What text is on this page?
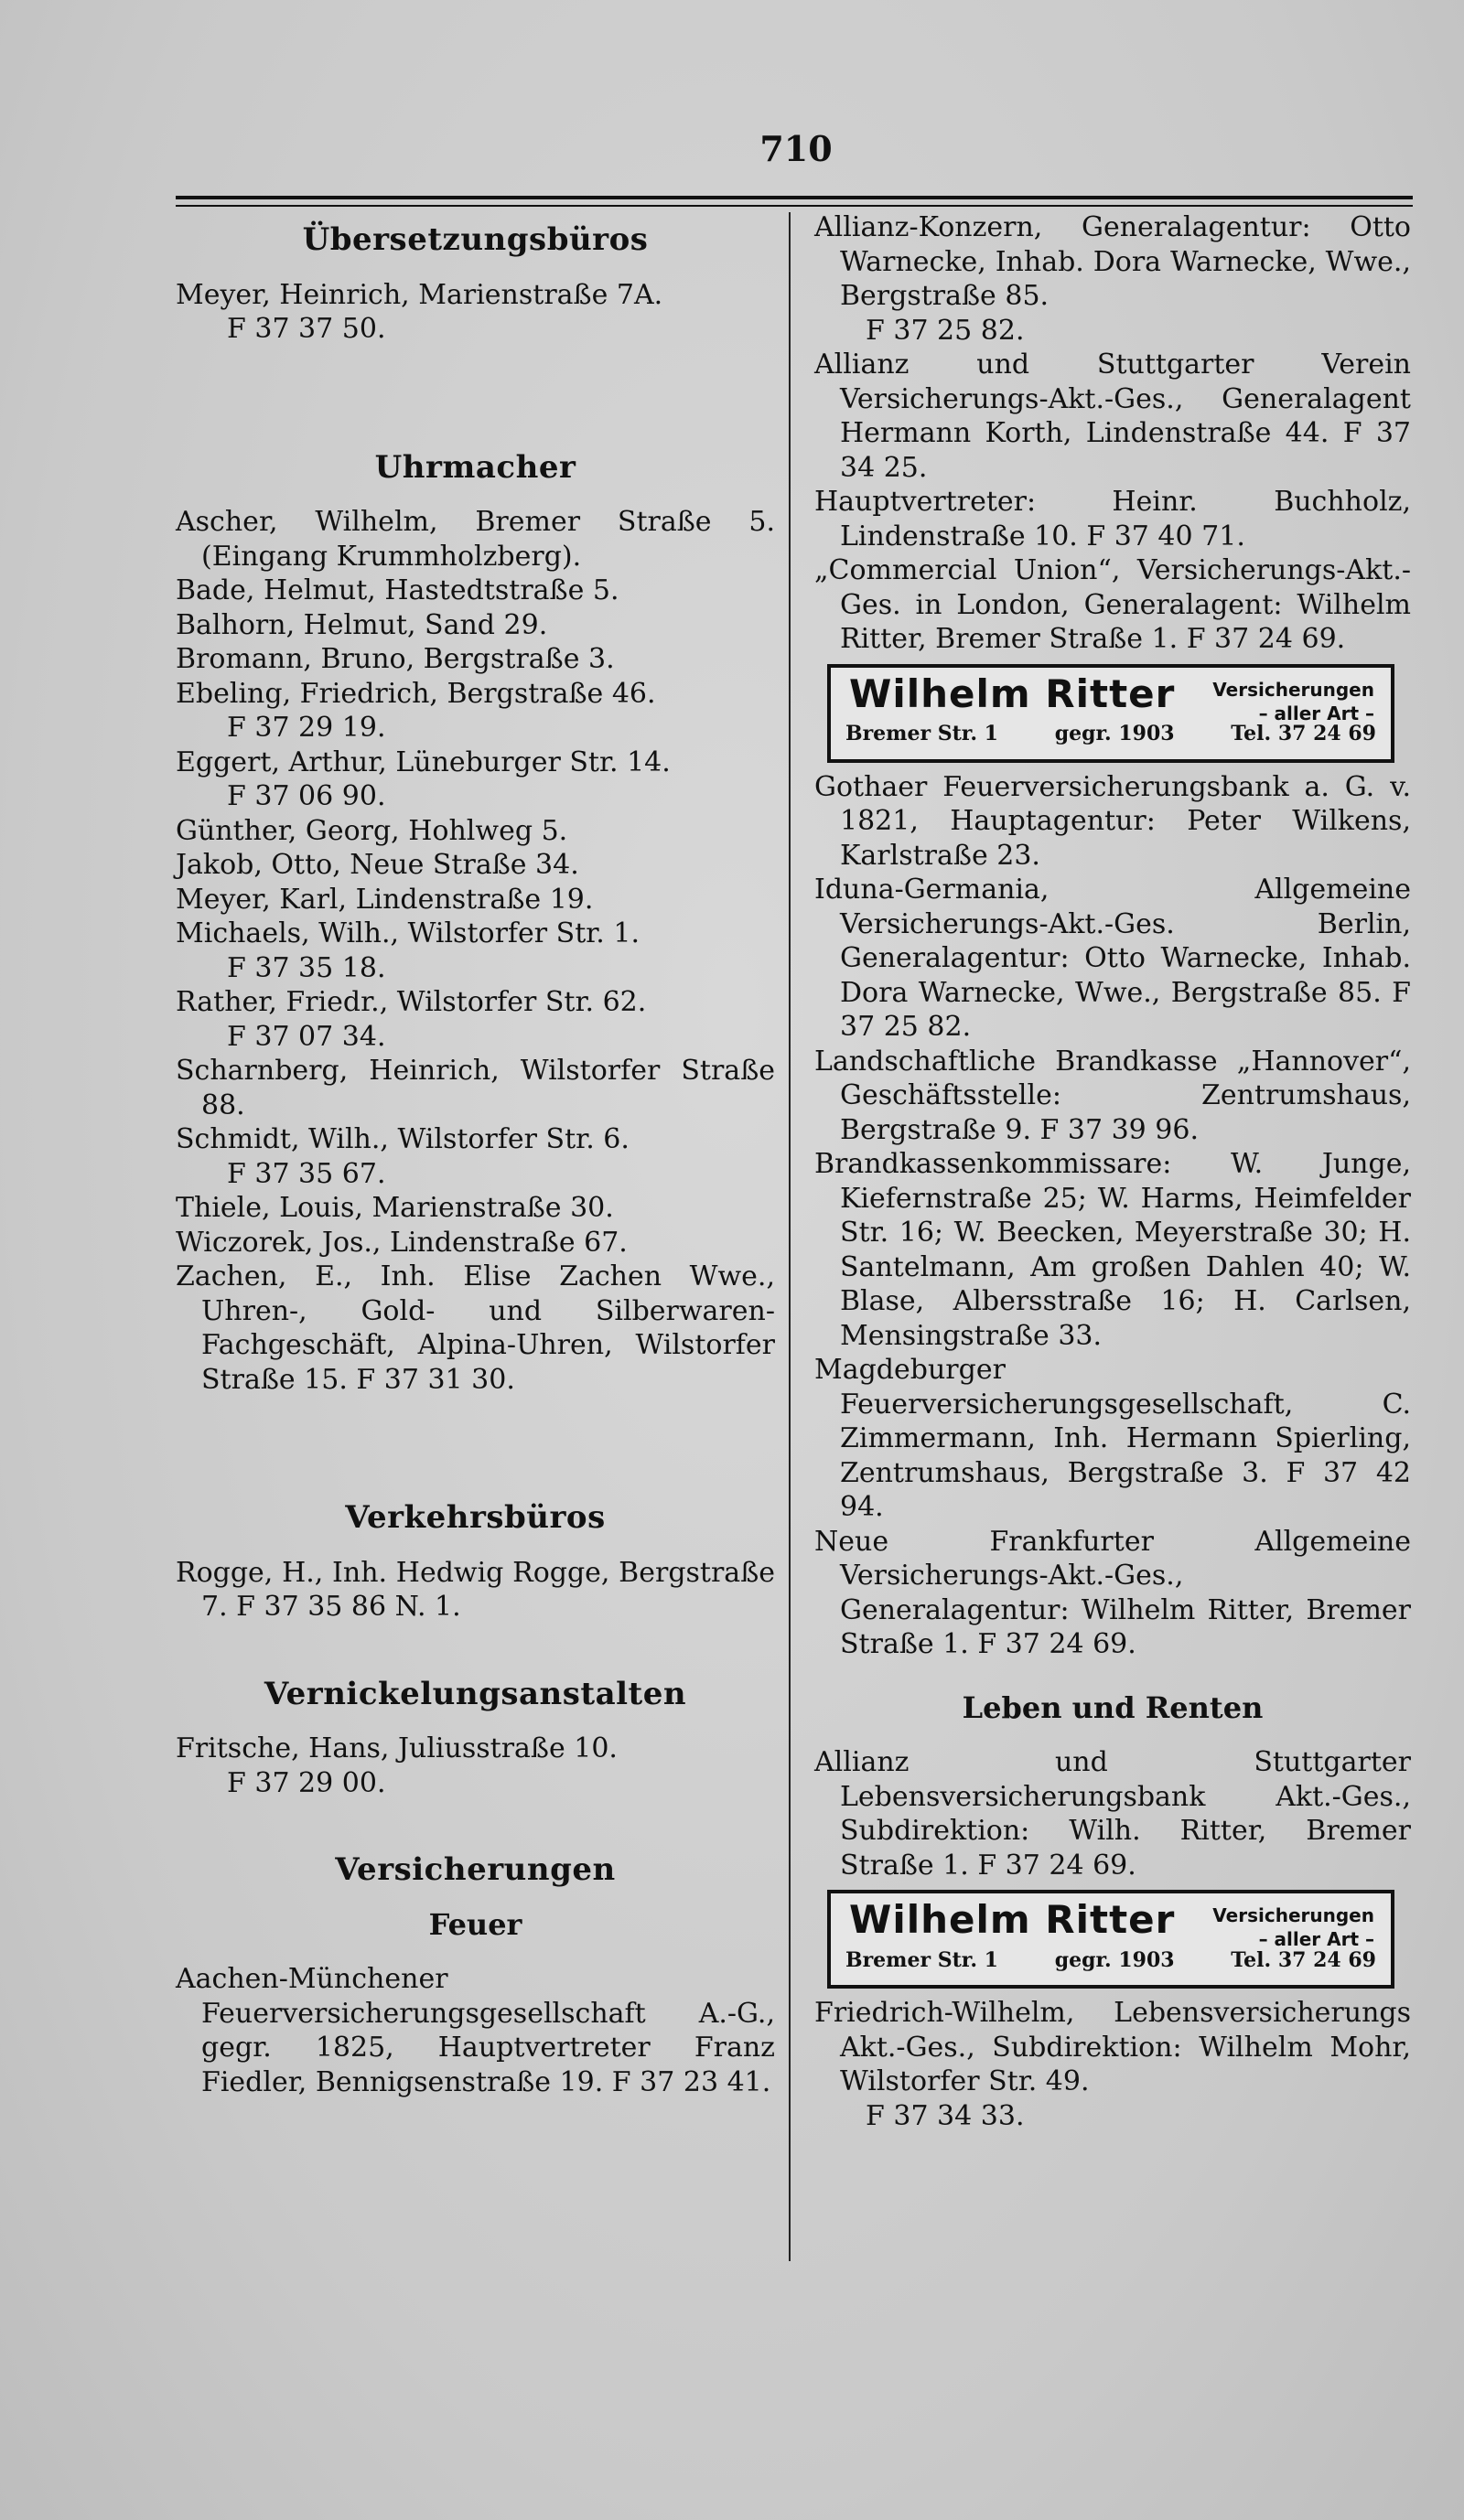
710
Übersetzungsbüros

Meyer, Heinrich, Marienstraße 7A.
F 37 37 50.

Uhrmacher

Ascher, Wilhelm, Bremer Straße 5. (Eingang Krummholzberg).

Bade, Helmut, Hastedtstraße 5.

Balhorn, Helmut, Sand 29.

Bromann, Bruno, Bergstraße 3.

Ebeling, Friedrich, Bergstraße 46.
F 37 29 19.

Eggert, Arthur, Lüneburger Str. 14.
F 37 06 90.

Günther, Georg, Hohlweg 5.

Jakob, Otto, Neue Straße 34.

Meyer, Karl, Lindenstraße 19.

Michaels, Wilh., Wilstorfer Str. 1.
F 37 35 18.

Rather, Friedr., Wilstorfer Str. 62.
F 37 07 34.

Scharnberg, Heinrich, Wilstorfer Straße 88.

Schmidt, Wilh., Wilstorfer Str. 6.
F 37 35 67.

Thiele, Louis, Marienstraße 30.

Wiczorek, Jos., Lindenstraße 67.

Zachen, E., Inh. Elise Zachen Wwe., Uhren-, Gold- und Silberwaren-Fachgeschäft, Alpina-Uhren, Wilstorfer Straße 15. F 37 31 30.

Verkehrsbüros

Rogge, H., Inh. Hedwig Rogge, Bergstraße 7. F 37 35 86 N. 1.

Vernickelungsanstalten

Fritsche, Hans, Juliusstraße 10.
F 37 29 00.

Versicherungen
Feuer

Aachen-Münchener Feuerversicherungsgesellschaft A.-G., gegr. 1825, Hauptvertreter Franz Fiedler, Bennigsenstraße 19. F 37 23 41.

Allianz-Konzern, Generalagentur: Otto Warnecke, Inhab. Dora Warnecke, Wwe., Bergstraße 85.
F 37 25 82.

Allianz und Stuttgarter Verein Versicherungs-Akt.-Ges., Generalagent Hermann Korth, Lindenstraße 44. F 37 34 25.

Hauptvertreter: Heinr. Buchholz, Lindenstraße 10. F 37 40 71.

„Commercial Union“, Versicherungs-Akt.-Ges. in London, Generalagent: Wilhelm Ritter, Bremer Straße 1. F 37 24 69.

Wilhelm Ritter Versicherungen
– aller Art –
Bremer Str. 1	gegr. 1903	Tel. 37 24 69

Gothaer Feuerversicherungsbank a. G. v. 1821, Hauptagentur: Peter Wilkens, Karlstraße 23.

Iduna-Germania, Allgemeine Versicherungs-Akt.-Ges. Berlin, Generalagentur: Otto Warnecke, Inhab. Dora Warnecke, Wwe., Bergstraße 85. F 37 25 82.

Landschaftliche Brandkasse „Hannover“, Geschäftsstelle: Zentrumshaus, Bergstraße 9. F 37 39 96.

Brandkassenkommissare: W. Junge, Kiefernstraße 25; W. Harms, Heimfelder Str. 16; W. Beecken, Meyerstraße 30; H. Santelmann, Am großen Dahlen 40; W. Blase, Albersstraße 16; H. Carlsen, Mensingstraße 33.

Magdeburger Feuerversicherungsgesellschaft, C. Zimmermann, Inh. Hermann Spierling, Zentrumshaus, Bergstraße 3. F 37 42 94.

Neue Frankfurter Allgemeine Versicherungs-Akt.-Ges., Generalagentur: Wilhelm Ritter, Bremer Straße 1. F 37 24 69.

Leben und Renten

Allianz und Stuttgarter Lebensversicherungsbank Akt.-Ges., Subdirektion: Wilh. Ritter, Bremer Straße 1. F 37 24 69.

Wilhelm Ritter Versicherungen
– aller Art –
Bremer Str. 1	gegr. 1903	Tel. 37 24 69

Friedrich-Wilhelm, Lebensversicherungs Akt.-Ges., Subdirektion: Wilhelm Mohr, Wilstorfer Str. 49.
F 37 34 33.
